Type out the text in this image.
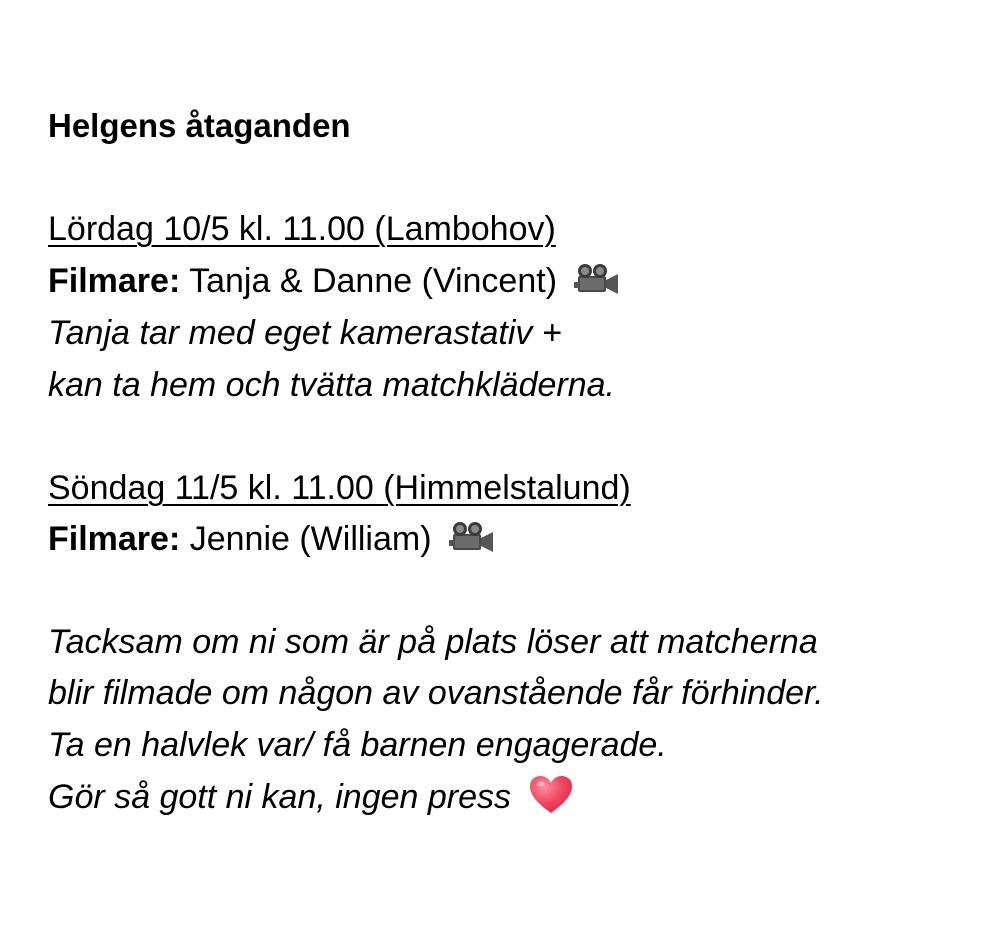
Helgens åtaganden
Lördag 10/5 kl. 11.00 (Lambohov)
Filmare: Tanja & Danne (Vincent)
Tanja tar med eget kamerastativ +
kan ta hem och tvätta matchkläderna.
Söndag 11/5 kl. 11.00 (Himmelstalund)
Filmare: Jennie (William)
Tacksam om ni som är på plats löser att matcherna
blir filmade om någon av ovanstående får förhinder.
Ta en halvlek var/ få barnen engagerade.
Gör så gott ni kan, ingen press
